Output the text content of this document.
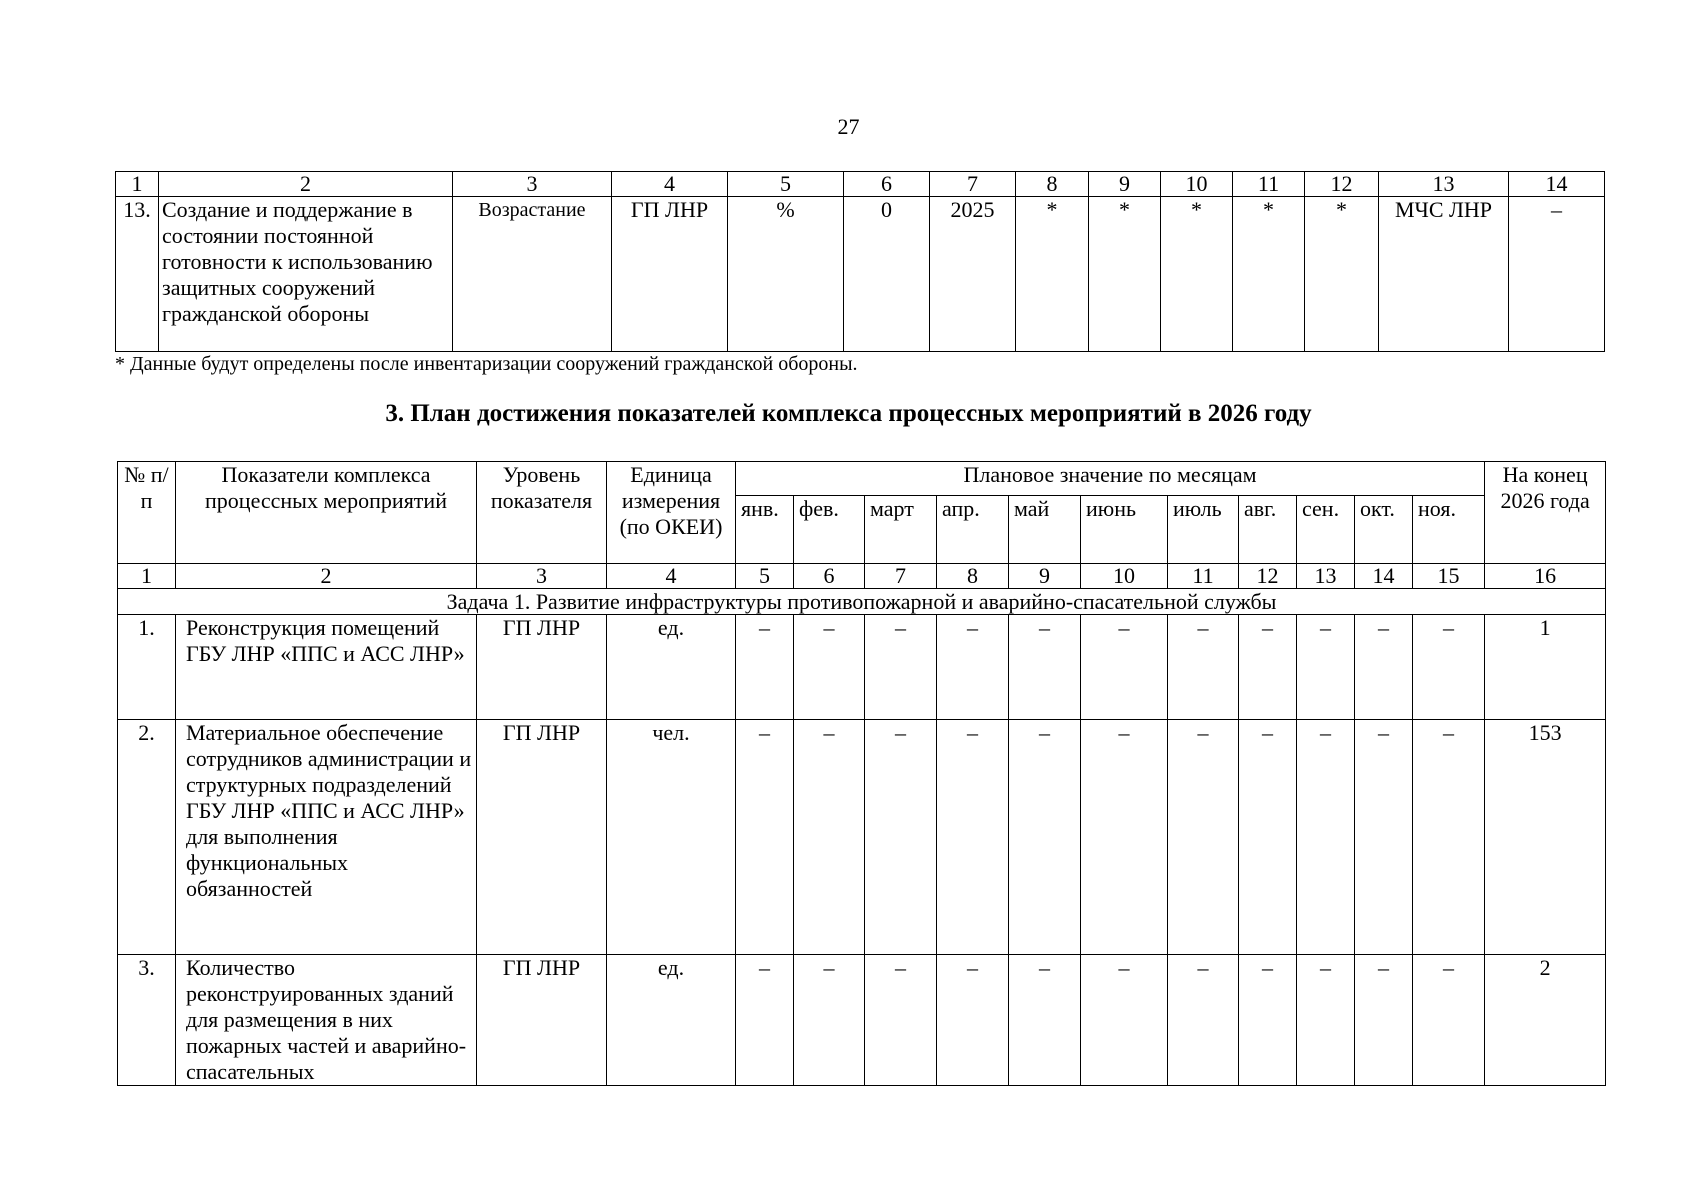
27
1	2	3	4	5	6	7	8	9	10	11	12	13	14
13.	Создание и поддержание в состоянии постоянной готовности к использованию защитных сооружений гражданской обороны	Возрастание	ГП ЛНР	%	0	2025	*	*	*	*	*	МЧС ЛНР	–
* Данные будут определены после инвентаризации сооружений гражданской обороны.
3. План достижения показателей комплекса процессных мероприятий в 2026 году
№ п/п	Показатели комплекса процессных мероприятий	Уровень показателя	Единица измерения (по ОКЕИ)	Плановое значение по месяцам											На конец 2026 года
				янв.	фев.	март	апр.	май	июнь	июль	авг.	сен.	окт.	ноя.	
1	2	3	4	5	6	7	8	9	10	11	12	13	14	15	16
Задача 1. Развитие инфраструктуры противопожарной и аварийно-спасательной службы															
1.	Реконструкция помещений ГБУ ЛНР «ППС и АСС ЛНР»	ГП ЛНР	ед.	–	–	–	–	–	–	–	–	–	–	–	1
2.	Материальное обеспечение сотрудников администрации и структурных подразделений ГБУ ЛНР «ППС и АСС ЛНР» для выполнения функциональных обязанностей	ГП ЛНР	чел.	–	–	–	–	–	–	–	–	–	–	–	153
3.	Количество реконструированных зданий для размещения в них пожарных частей и аварийно-спасательных	ГП ЛНР	ед.	–	–	–	–	–	–	–	–	–	–	–	2
